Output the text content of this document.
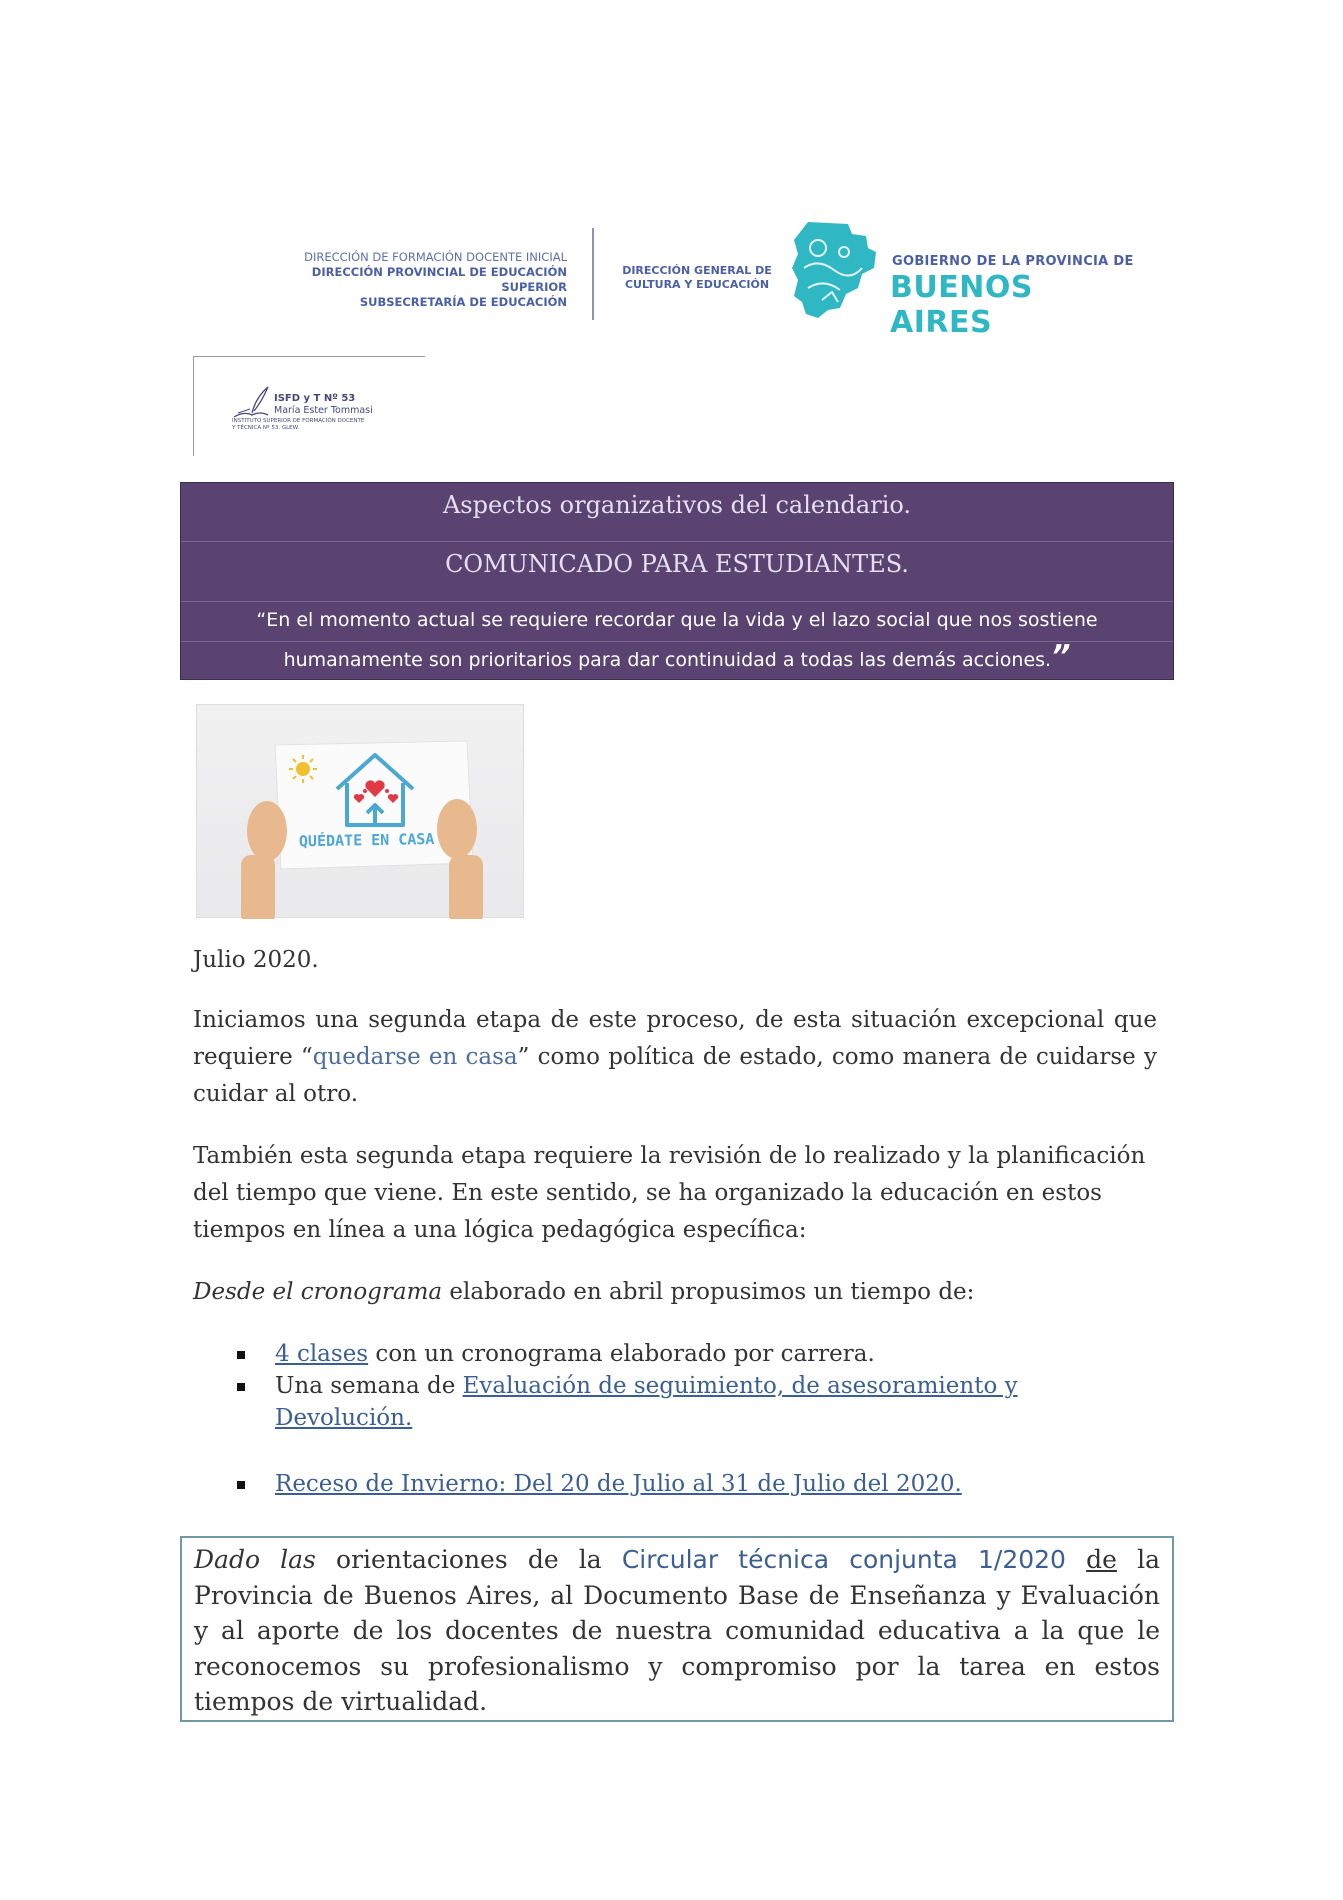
DIRECCIÓN DE FORMACIÓN DOCENTE INICIAL
DIRECCIÓN PROVINCIAL DE EDUCACIÓN SUPERIOR
SUBSECRETARÍA DE EDUCACIÓN
DIRECCIÓN GENERAL DE
CULTURA Y EDUCACIÓN
GOBIERNO DE LA PROVINCIA DE
BUENOS AIRES
ISFD y T Nº 53
María Ester Tommasi
INSTITUTO SUPERIOR DE FORMACIÓN DOCENTE
Y TÉCNICA Nº 53. GLEW.
Aspectos organizativos del calendario.
COMUNICADO PARA ESTUDIANTES.
“En el momento actual se requiere recordar que la vida y el lazo social que nos sostiene
humanamente son prioritarios para dar continuidad a todas las demás acciones.”
QUÉDATE EN CASA
Julio 2020.

Iniciamos una segunda etapa de este proceso, de esta situación excepcional que requiere “quedarse en casa” como política de estado, como manera de cuidarse y cuidar al otro.

También esta segunda etapa requiere la revisión de lo realizado y la planificación del tiempo que viene. En este sentido, se ha organizado la educación en estos tiempos en línea a una lógica pedagógica específica:

Desde el cronograma elaborado en abril propusimos un tiempo de:

4 clases con un cronograma elaborado por carrera.
Una semana de Evaluación de seguimiento, de asesoramiento y Devolución.
Receso de Invierno: Del 20 de Julio al 31 de Julio del 2020.

Dado las orientaciones de la Circular técnica conjunta 1/2020 de la Provincia de Buenos Aires, al Documento Base de Enseñanza y Evaluación y al aporte de los docentes de nuestra comunidad educativa a la que le reconocemos su profesionalismo y compromiso por la tarea en estos tiempos de virtualidad.
